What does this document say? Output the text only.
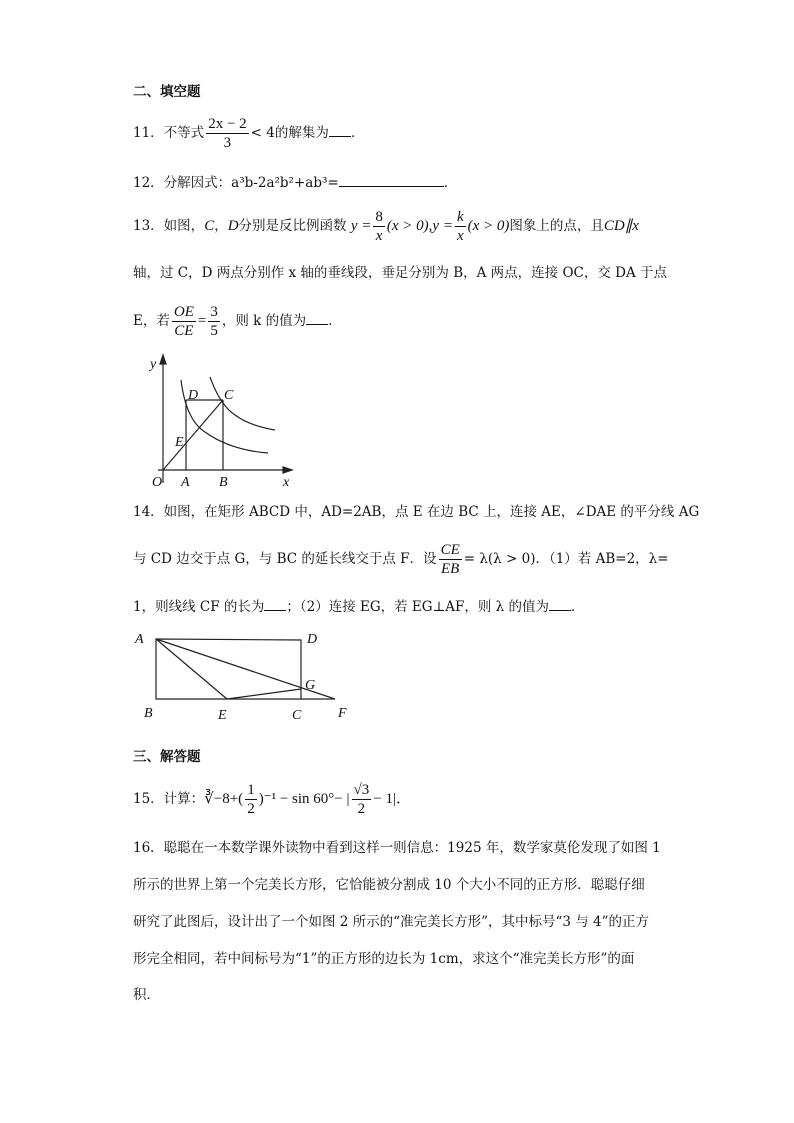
二、填空题
11．不等式 $\frac{2x - 2}{3} < 4$的解集为 ．
12．分解因式：a³b-2a²b²+ab³=	．
13．如图，C，D分别是反比例函数 $y = \frac{8}{x} (x > 0),y = \frac{k}{x} (x > 0)$图象上的点，且CD∥x
轴，过 C，D 两点分别作 x 轴的垂线段，垂足分别为 B，A 两点，连接 OC，交 DA 于点
E，若 $\frac{OE}{CE} = \frac{3}{5}$ ，则 k 的值为 ．
y
x
O A B
D C
E
14．如图，在矩形 ABCD 中，AD=2AB，点 E 在边 BC 上，连接 AE，∠DAE 的平分线 AG
与 CD 边交于点 G，与 BC 的延长线交于点 F．设 $\frac{CE}{EB} = \lambda(\lambda > 0)$．（1）若 AB=2，λ=
1，则线线 CF 的长为 ；（2）连接 EG，若 EG⊥AF，则 λ 的值为 ．
A	D
B	E	C	F
G
三、解答题
15．计算：∛−8+( $\frac{1}{2} )^{-1} - \sin 60^\circ-$ | $\frac{√3}{2} - 1|$．
16．聪聪在一本数学课外读物中看到这样一则信息：1925 年，数学家莫伦发现了如图 1
所示的世界上第一个完美长方形，它恰能被分割成 10 个大小不同的正方形．聪聪仔细
研究了此图后，设计出了一个如图 2 所示的“准完美长方形”，其中标号“3 与 4”的正方
形完全相同，若中间标号为“1”的正方形的边长为 1cm，求这个“准完美长方形”的面
积．
